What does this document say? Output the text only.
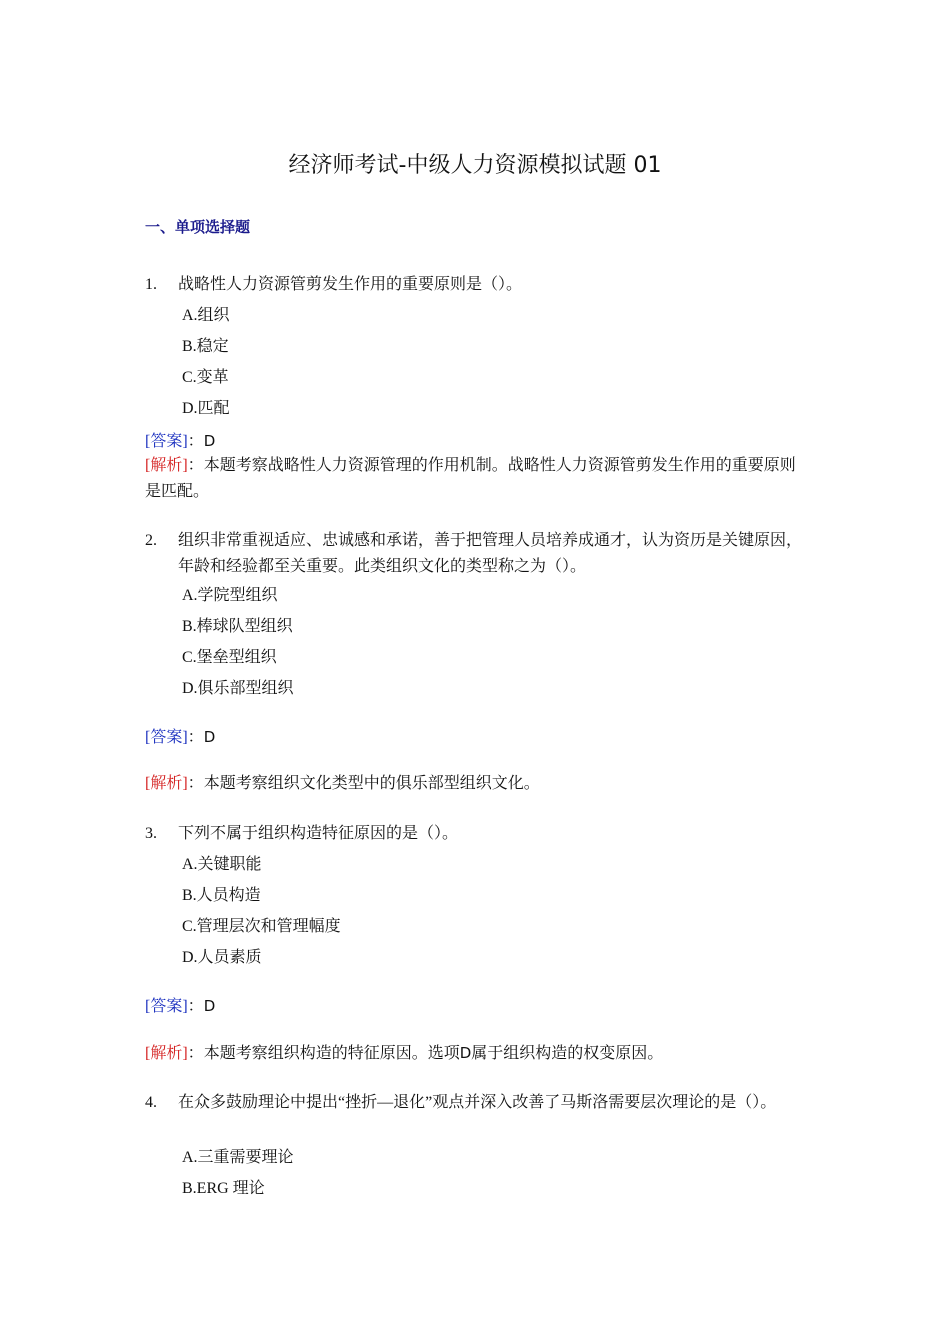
经济师考试-中级人力资源模拟试题 01
一、单项选择题
1.	战略性人力资源管剪发生作用的重要原则是（）。
A.组织
B.稳定
C.变革
D.匹配
[答案]：D
[解析]：本题考察战略性人力资源管理的作用机制。战略性人力资源管剪发生作用的重要原则是匹配。
2.	组织非常重视适应、忠诚感和承诺，善于把管理人员培养成通才，认为资历是关键原因，年龄和经验都至关重要。此类组织文化的类型称之为（）。
A.学院型组织
B.棒球队型组织
C.堡垒型组织
D.俱乐部型组织
[答案]：D
[解析]：本题考察组织文化类型中的俱乐部型组织文化。
3.	下列不属于组织构造特征原因的是（）。
A.关键职能
B.人员构造
C.管理层次和管理幅度
D.人员素质
[答案]：D
[解析]：本题考察组织构造的特征原因。选项D属于组织构造的权变原因。
4.	在众多鼓励理论中提出“挫折—退化”观点并深入改善了马斯洛需要层次理论的是（）。
A.三重需要理论
B.ERG 理论
